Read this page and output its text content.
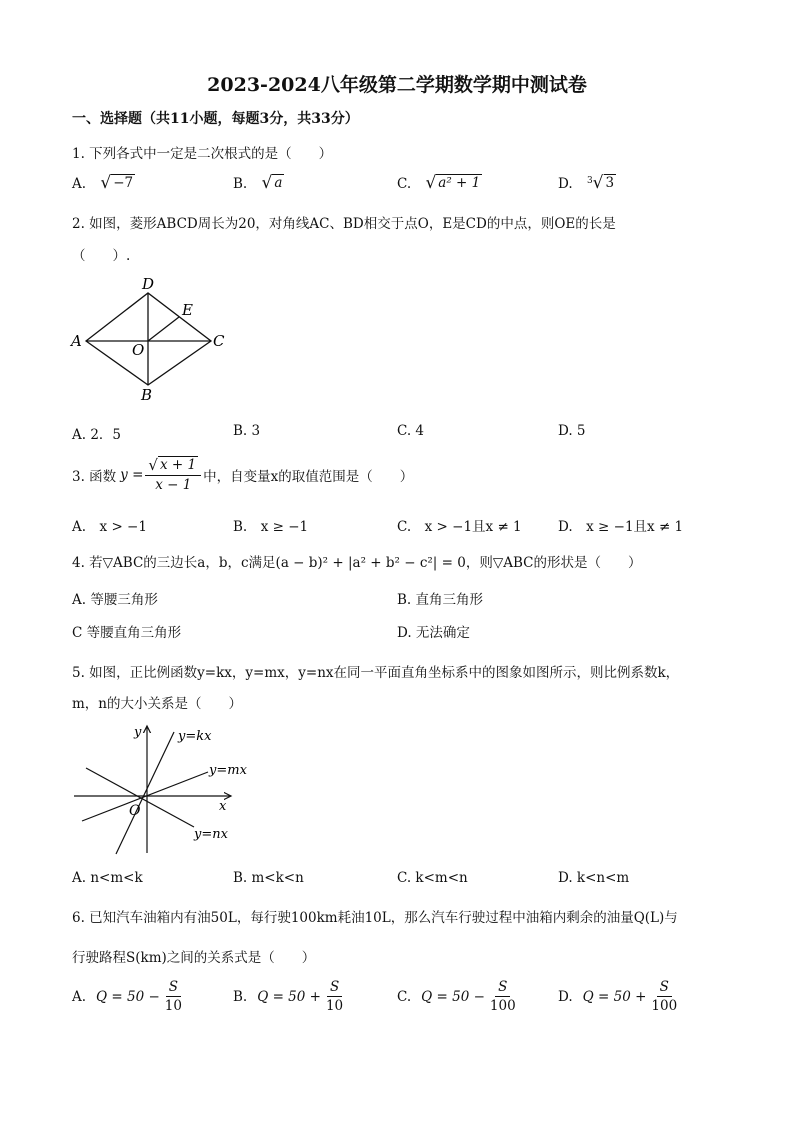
2023-2024八年级第二学期数学期中测试卷
一、选择题（共11小题，每题3分，共33分）
1. 下列各式中一定是二次根式的是（　　）
A. √ −7	B. √ a	C. √ a² + 1	D. $^3$ √ 3
2. 如图，菱形ABCD周长为20，对角线AC、BD相交于点O，E是CD的中点，则OE的长是
（　　）.
D
E
A	O	C
B
A. 2．5	B. 3	C. 4	D. 5
3. 函数 $y = \frac{√ x + 1}{x - 1}$ 中，自变量x的取值范围是（　　）
A.　x > −1	B.　x ≥ −1	C.　x > −1且x ≠ 1	D.　x ≥ −1且x ≠ 1
4. 若▽ABC的三边长a，b，c满足(a − b)² + |a² + b² − c²| = 0，则▽ABC的形状是（　　）
A. 等腰三角形	B. 直角三角形
C 等腰直角三角形	D. 无法确定
5. 如图，正比例函数y=kx，y=mx，y=nx在同一平面直角坐标系中的图象如图所示，则比例系数k，
m，n的大小关系是（　　）
y
x
O
y=kx
y=mx
y=nx
A. n<m<k	B. m<k<n	C. k<m<n	D. k<n<m
6. 已知汽车油箱内有油50L，每行驶100km耗油10L，那么汽车行驶过程中油箱内剩余的油量Q(L)与
行驶路程S(km)之间的关系式是（　　）
A. $Q = 50 - \frac{S}{10}$	B. $Q = 50 + \frac{S}{10}$	C. $Q = 50 - \frac{S}{100}$	D. $Q = 50 + \frac{S}{100}$
